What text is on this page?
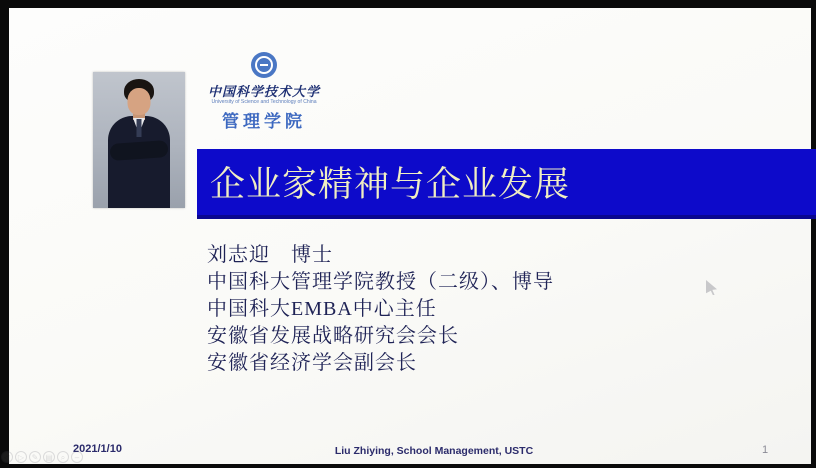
中国科学技术大学
University of Science and Technology of China
管理学院
企业家精神与企业发展
刘志迎　博士
中国科大管理学院教授（二级）、博导
中国科大EMBA中心主任
安徽省发展战略研究会会长
安徽省经济学会副会长
2021/1/10	Liu Zhiying, School Management, USTC	1
◁ ▷ ✎ ▤ ⌕	–
